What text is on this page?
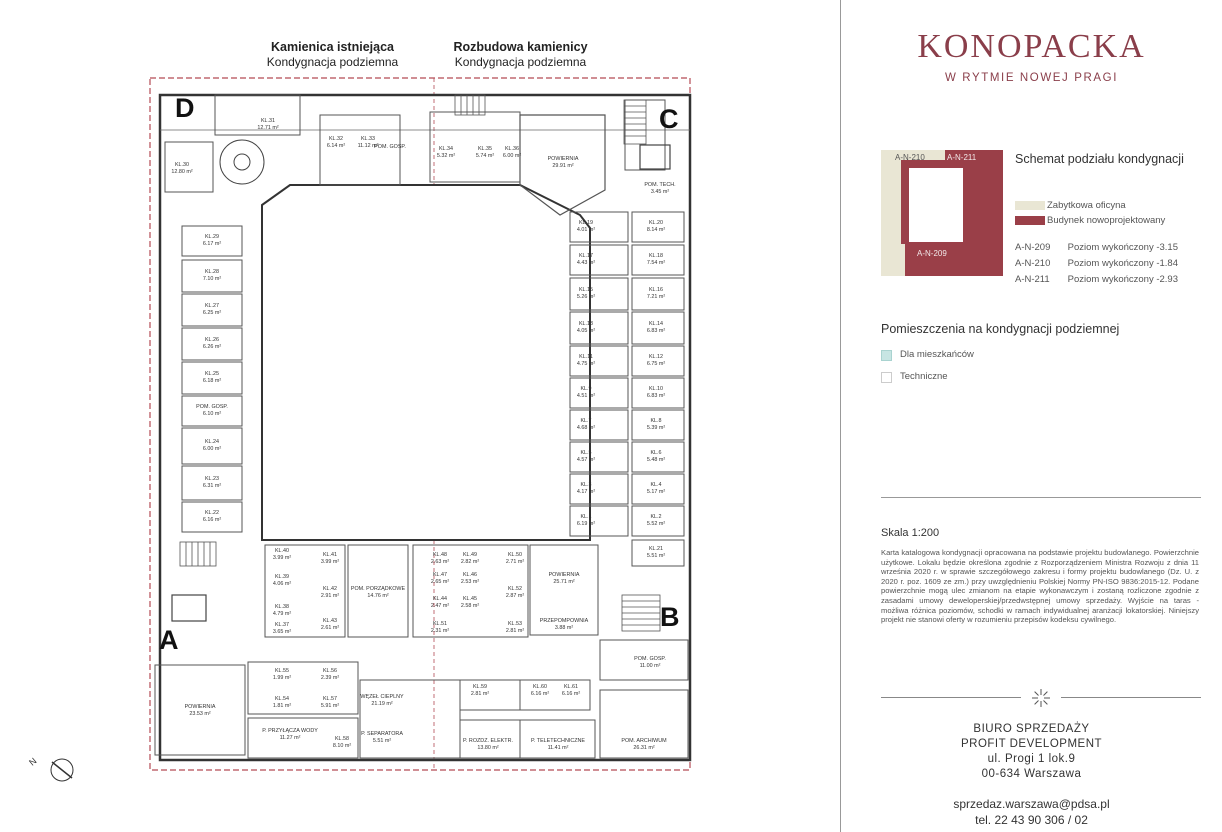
N
KL.31 12.71 m²
KL.32 6.14 m²
KL.33 11.12 m²
POM. GOSP.	KL.34 5.32 m²
KL.35 5.74 m²
KL.36 6.00 m²	POWIERNIA 29.91 m²
POM. TECH. 3.45 m²
KL.30 12.80 m²
KL.29 6.17 m²
KL.28 7.10 m²
KL.27 6.25 m²
KL.26 6.26 m²
KL.25 6.18 m²
POM. GOSP. 6.10 m²
KL.24 6.00 m²
KL.23 6.31 m²
KL.22 6.16 m²
KL.19 4.01 m²
KL.17 4.43 m²
KL.15 5.26 m²
KL.13 4.05 m²
KL.11 4.75 m²
KL.9 4.51 m²
KL.7 4.68 m²
KL.5 4.57 m²
KL.3 4.17 m²
KL.1 6.19 m²
KL.20 8.14 m²
KL.18 7.54 m²
KL.16 7.21 m²
KL.14 6.83 m²
KL.12 6.75 m²
KL.10 6.83 m²
KL.8 5.39 m²
KL.6 5.48 m²
KL.4 5.17 m²
KL.2 5.52 m²
KL.21 5.51 m²
KL.40 3.99 m²	KL.41 3.99 m²
KL.39 4.06 m²
KL.38 4.79 m²
KL.42 2.91 m²
KL.37 3.65 m²
KL.43 2.61 m²
KL.48 2.63 m²
KL.49 2.82 m²
KL.50 2.71 m²
KL.51 2.31 m²
KL.47 2.65 m²
KL.46 2.53 m²
KL.45 2.58 m²
KL.52 2.87 m²
KL.44 2.47 m²
KL.53 2.81 m²
POM. PORZĄDKOWE 14.76 m²
POWIERNIA 25.71 m²
PRZEPOMPOWNIA 3.88 m²
POM. GOSP. 11.00 m²
POWIERNIA 23.53 m²
KL.55 1.99 m²
KL.54 1.81 m²
KL.56 2.39 m²
KL.57 5.91 m²
KL.58 8.10 m²
P. PRZYŁĄCZA WODY 11.27 m²
WĘZEŁ CIEPLNY 21.19 m²
P. SEPARATORA 5.51 m²
KL.59 2.81 m²
KL.60 6.16 m²
KL.61 6.16 m²
P. ROZDZ. ELEKTR. 13.80 m²
P. TELETECHNICZNE 11.41 m²
POM. ARCHIWUM 26.31 m²
Kamienica istniejąca
Kondygnacja podziemna
Rozbudowa kamienicy
Kondygnacja podziemna
D	C
B
A
KONOPACKA
W RYTMIE NOWEJ PRAGI
A-N-210	A-N-211
A-N-209
Schemat podziału kondygnacji
Zabytkowa oficyna
Budynek nowoprojektowany
A-N-209 Poziom wykończony -3.15
A-N-210 Poziom wykończony -1.84
A-N-211 Poziom wykończony -2.93
Pomieszczenia na kondygnacji podziemnej
Dla mieszkańców
Techniczne
Skala 1:200
Karta katalogowa kondygnacji opracowana na podstawie projektu budowlanego. Powierzchnie użytkowe. Lokalu będzie określona zgodnie z Rozporządzeniem Ministra Rozwoju z dnia 11 września 2020 r. w sprawie szczegółowego zakresu i formy projektu budowlanego (Dz. U. z 2020 r. poz. 1609 ze zm.) przy uwzględnieniu Polskiej Normy PN-ISO 9836:2015-12. Podane powierzchnie mogą ulec zmianom na etapie wykonawczym i zostaną rozliczone zgodnie z zasadami umowy deweloperskiej/przedwstępnej umowy sprzedaży. Wyjście na taras - możliwa różnica poziomów, schodki w ramach indywidualnej aranżacji lokatorskiej. Niniejszy projekt nie stanowi oferty w rozumieniu przepisów kodeksu cywilnego.
BIURO SPRZEDAŻY
PROFIT DEVELOPMENT
ul. Progi 1 lok.9
00-634 Warszawa
sprzedaz.warszawa@pdsa.pl
tel. 22 43 90 306 / 02
